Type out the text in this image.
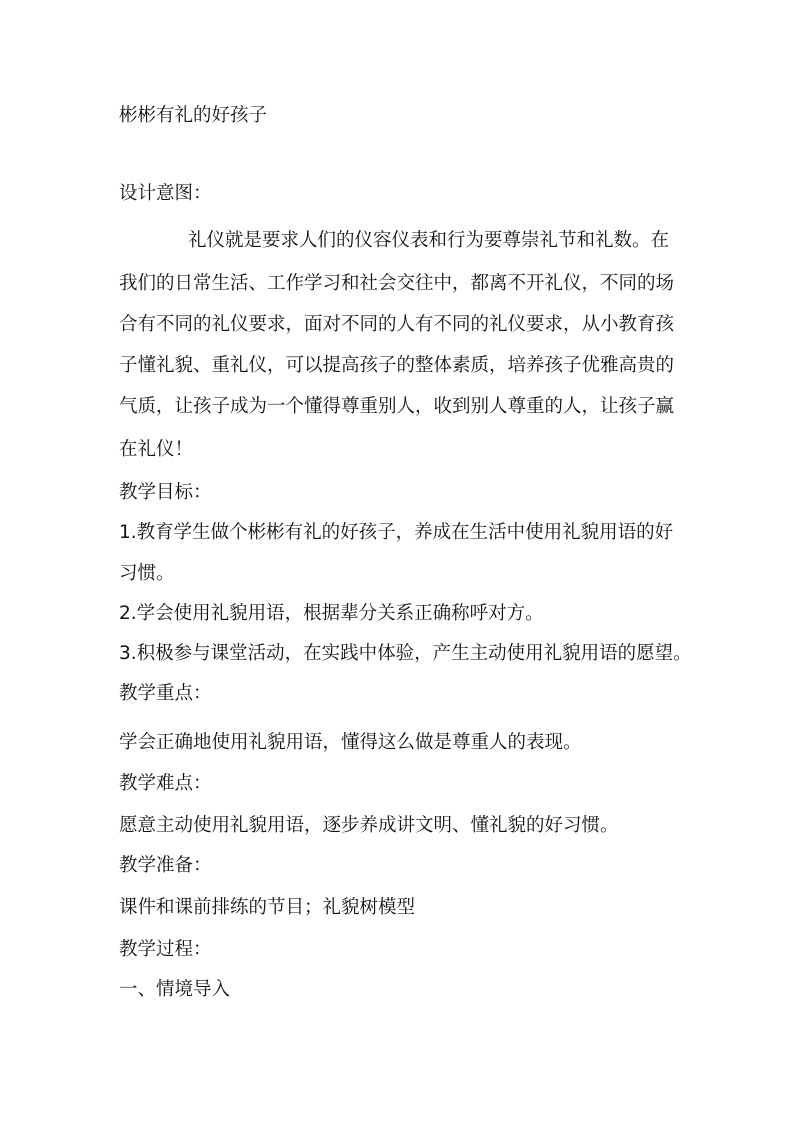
彬彬有礼的好孩子
设计意图：
礼仪就是要求人们的仪容仪表和行为要尊崇礼节和礼数。在
我们的日常生活、工作学习和社会交往中，都离不开礼仪，不同的场
合有不同的礼仪要求，面对不同的人有不同的礼仪要求，从小教育孩
子懂礼貌、重礼仪，可以提高孩子的整体素质，培养孩子优雅高贵的
气质，让孩子成为一个懂得尊重别人，收到别人尊重的人，让孩子赢
在礼仪！
教学目标：
1.教育学生做个彬彬有礼的好孩子，养成在生活中使用礼貌用语的好
习惯。
2.学会使用礼貌用语，根据辈分关系正确称呼对方。
3.积极参与课堂活动，在实践中体验，产生主动使用礼貌用语的愿望。
教学重点：
学会正确地使用礼貌用语，懂得这么做是尊重人的表现。
教学难点：
愿意主动使用礼貌用语，逐步养成讲文明、懂礼貌的好习惯。
教学准备：
课件和课前排练的节目；礼貌树模型
教学过程：
一、情境导入
